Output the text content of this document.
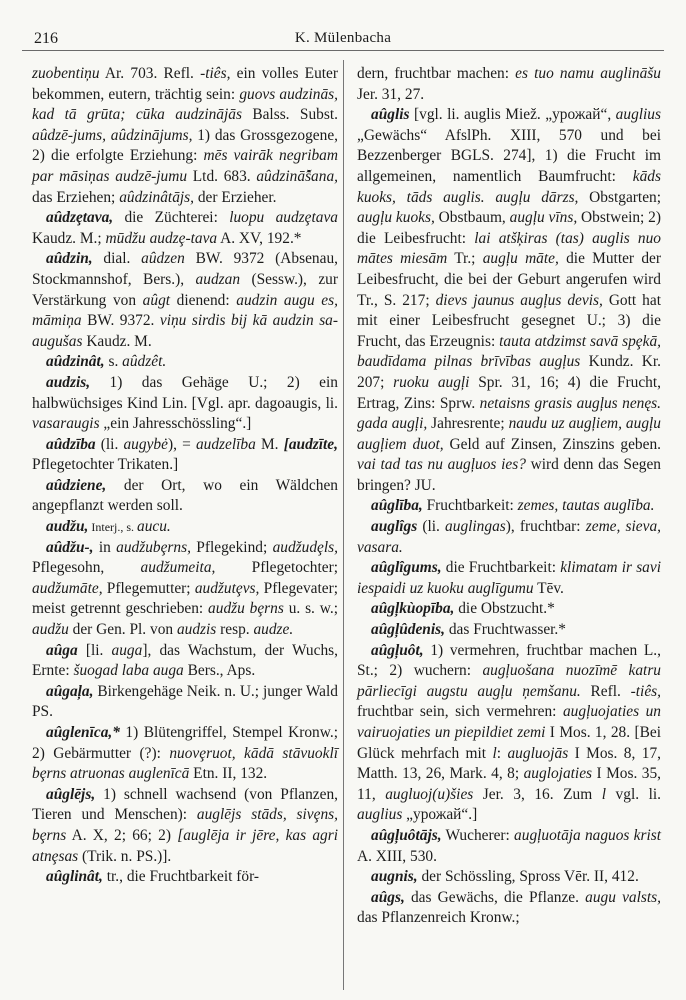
216	K. Mülenbacha

zuobentiņu Ar. 703. Refl. -tiês, ein volles Euter bekommen, eutern, trächtig sein: guovs audzinās, kad tā grūta; cūka audzinājās Balss. Subst. aûdzē-jums, aûdzinājums, 1) das Grossgezogene, 2) die erfolgte Erziehung: mēs vairāk negribam par māsiņas audzē-jumu Ltd. 683. aûdzinā̂šana, das Erziehen; aûdzinâtājs, der Erzieher.

aûdzȩtava, die Züchterei: luopu audzȩtava Kaudz. M.; mūdžu audzȩ-tava A. XV, 192.*

aûdzin, dial. aûdzen BW. 9372 (Absenau, Stockmannshof, Bers.), audzan (Sessw.), zur Verstärkung von aûgt dienend: audzin augu es, māmiņa BW. 9372. viņu sirdis bij kā audzin sa-augušas Kaudz. M.

aûdzinât, s. aûdzêt.

audzis, 1) das Gehäge U.; 2) ein halbwüchsiges Kind Lin. [Vgl. apr. dagoaugis, li. vasaraugis „ein Jahresschössling“.]

aûdzība (li. augybė), = audzelība M. [audzīte, Pflegetochter Trikaten.]

aûdziene, der Ort, wo ein Wäldchen angepflanzt werden soll.

audžu, Interj., s. aucu.

aûdžu-, in audžubȩrns, Pflegekind; audžudȩls, Pflegesohn, audžumeita, Pflegetochter; audžumāte, Pflegemutter; audžutȩvs, Pflegevater; meist getrennt geschrieben: audžu bȩrns u. s. w.; audžu der Gen. Pl. von audzis resp. audze.

aûga [li. auga], das Wachstum, der Wuchs, Ernte: šuogad laba auga Bers., Aps.

aûgaļa, Birkengehäge Neik. n. U.; junger Wald PS.

aûglenīca,* 1) Blütengriffel, Stempel Kronw.; 2) Gebärmutter (?): nuovȩruot, kādā stāvuoklī bȩrns atruonas auglenīcā Etn. II, 132.

aûglējs, 1) schnell wachsend (von Pflanzen, Tieren und Menschen): auglējs stāds, sivȩns, bȩrns A. X, 2; 66; 2) [auglēja ir jēre, kas agri atnȩsas (Trik. n. PS.)].

aûglinât, tr., die Fruchtbarkeit för-

dern, fruchtbar machen: es tuo namu auglināšu Jer. 31, 27.

aûglis [vgl. li. auglis Miež. „урожай“, auglius „Gewächs“ AfslPh. XIII, 570 und bei Bezzenberger BGLS. 274], 1) die Frucht im allgemeinen, namentlich Baumfrucht: kāds kuoks, tāds auglis. augļu dārzs, Obstgarten; augļu kuoks, Obstbaum, augļu vīns, Obstwein; 2) die Leibesfrucht: lai atšķiras (tas) auglis nuo mātes miesām Tr.; augļu māte, die Mutter der Leibesfrucht, die bei der Geburt angerufen wird Tr., S. 217; dievs jaunus augļus devis, Gott hat mit einer Leibesfrucht gesegnet U.; 3) die Frucht, das Erzeugnis: tauta atdzimst savā spȩkā, baudīdama pilnas brīvības augļus Kundz. Kr. 207; ruoku augļi Spr. 31, 16; 4) die Frucht, Ertrag, Zins: Sprw. netaisns grasis augļus nenęs. gada augļi, Jahresrente; naudu uz augļiem, augļu augļiem duot, Geld auf Zinsen, Zinszins geben. vai tad tas nu augļuos ies? wird denn das Segen bringen? JU.

aûglība, Fruchtbarkeit: zemes, tautas auglība.

auglîgs (li. auglingas), fruchtbar: zeme, sieva, vasara.

aûglîgums, die Fruchtbarkeit: klimatam ir savi iespaidi uz kuoku auglīgumu Tēv.

aûgļkùopība, die Obstzucht.*

aûgļûdenis, das Fruchtwasser.*

aûgļuôt, 1) vermehren, fruchtbar machen L., St.; 2) wuchern: augļuošana nuozīmē katru pārliecīgi augstu augļu ņemšanu. Refl. -tiês, fruchtbar sein, sich vermehren: augļuojaties un vairuojaties un piepildiet zemi I Mos. 1, 28. [Bei Glück mehrfach mit l: augluojās I Mos. 8, 17, Matth. 13, 26, Mark. 4, 8; auglojaties I Mos. 35, 11, augluoj(u)šies Jer. 3, 16. Zum l vgl. li. auglius „урожай“.]

aûgļuôtājs, Wucherer: augļuotāja naguos krist A. XIII, 530.

augnis, der Schössling, Spross Vēr. II, 412.

aûgs, das Gewächs, die Pflanze. augu valsts, das Pflanzenreich Kronw.;
